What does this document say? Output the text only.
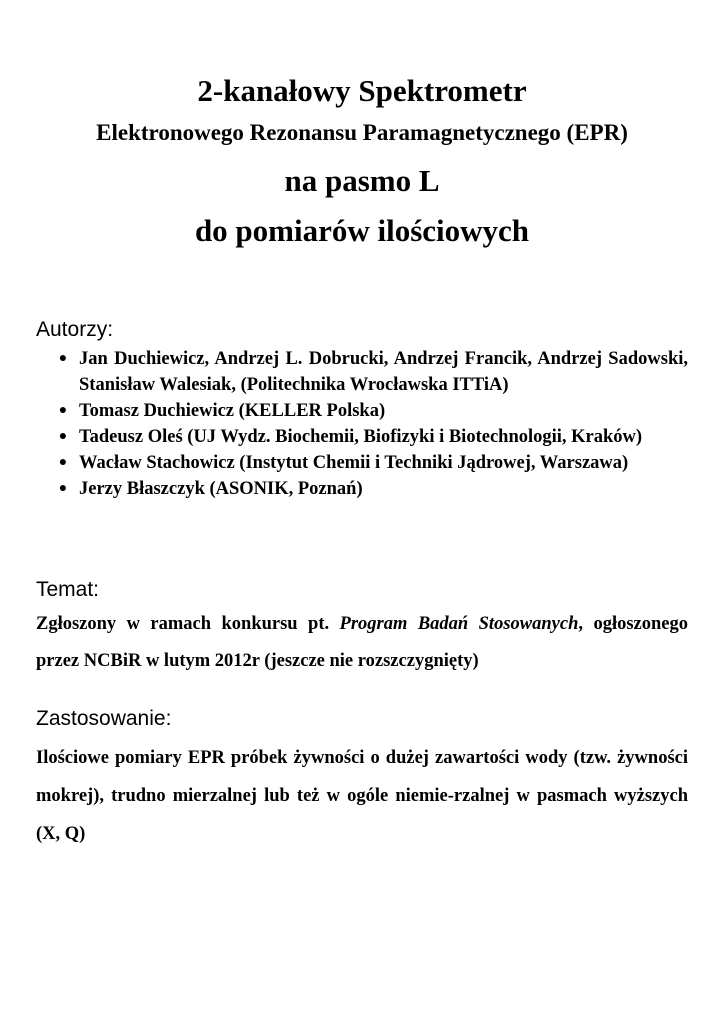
2-kanałowy Spektrometr

Elektronowego Rezonansu Paramagnetycznego (EPR)

na pasmo L

do pomiarów ilościowych

Autorzy:
● Jan Duchiewicz, Andrzej L. Dobrucki, Andrzej Francik, Andrzej Sadowski, Stanisław Walesiak, (Politechnika Wrocławska ITTiA)
● Tomasz Duchiewicz (KELLER Polska)
● Tadeusz Oleś (UJ Wydz. Biochemii, Biofizyki i Biotechnologii, Kraków)
● Wacław Stachowicz (Instytut Chemii i Techniki Jądrowej, Warszawa)
● Jerzy Błaszczyk (ASONIK, Poznań)
Temat:

Zgłoszony w ramach konkursu pt. Program Badań Stosowanych, ogłoszonego przez NCBiR w lutym 2012r (jeszcze nie rozszczygnięty)

Zastosowanie:

Ilościowe pomiary EPR próbek żywności o dużej zawartości wody (tzw. żywności mokrej), trudno mierzalnej lub też w ogóle niemie-rzalnej w pasmach wyższych (X, Q)
